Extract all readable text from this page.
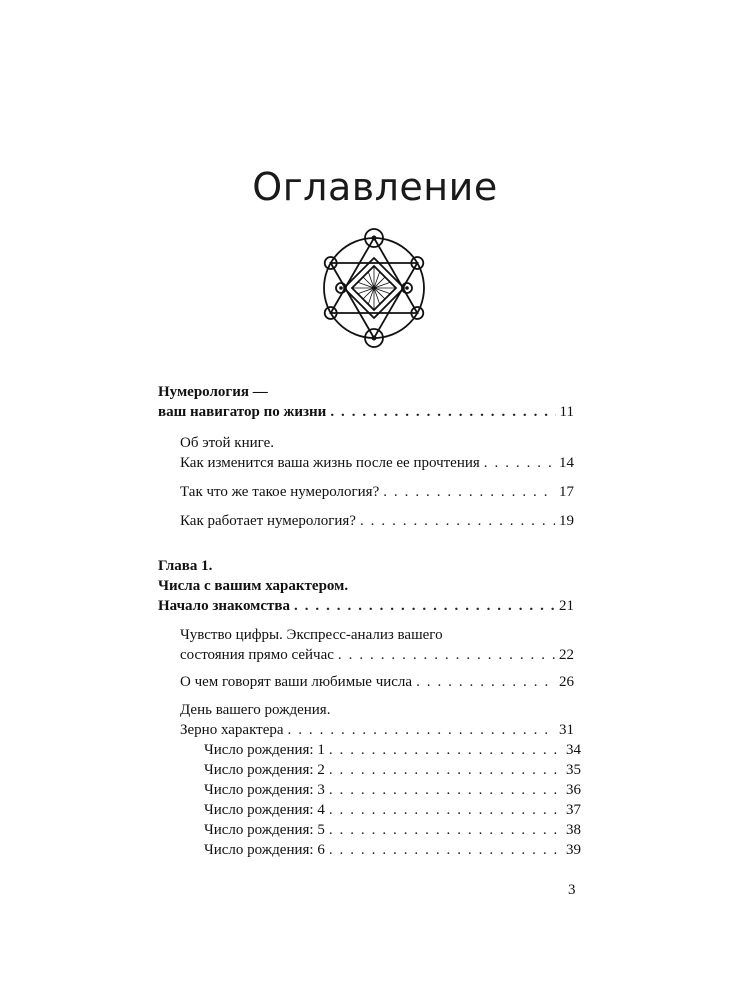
Оглавление
Нумерология —
ваш навигатор по жизни . . .	11
Об этой книге.
Как изменится ваша жизнь после ее прочтения . . .	14
Так что же такое нумерология? . . .	17
Как работает нумерология? . . .	19
Глава 1.
Числа с вашим характером.
Начало знакомства . . .	21
Чувство цифры. Экспресс-анализ вашего
состояния прямо сейчас . . .	22
О чем говорят ваши любимые числа . . .	26
День вашего рождения.
Зерно характера . . .	31
Число рождения: 1 . . .	34
Число рождения: 2 . . .	35
Число рождения: 3 . . .	36
Число рождения: 4 . . .	37
Число рождения: 5 . . .	38
Число рождения: 6 . . .	39
3
